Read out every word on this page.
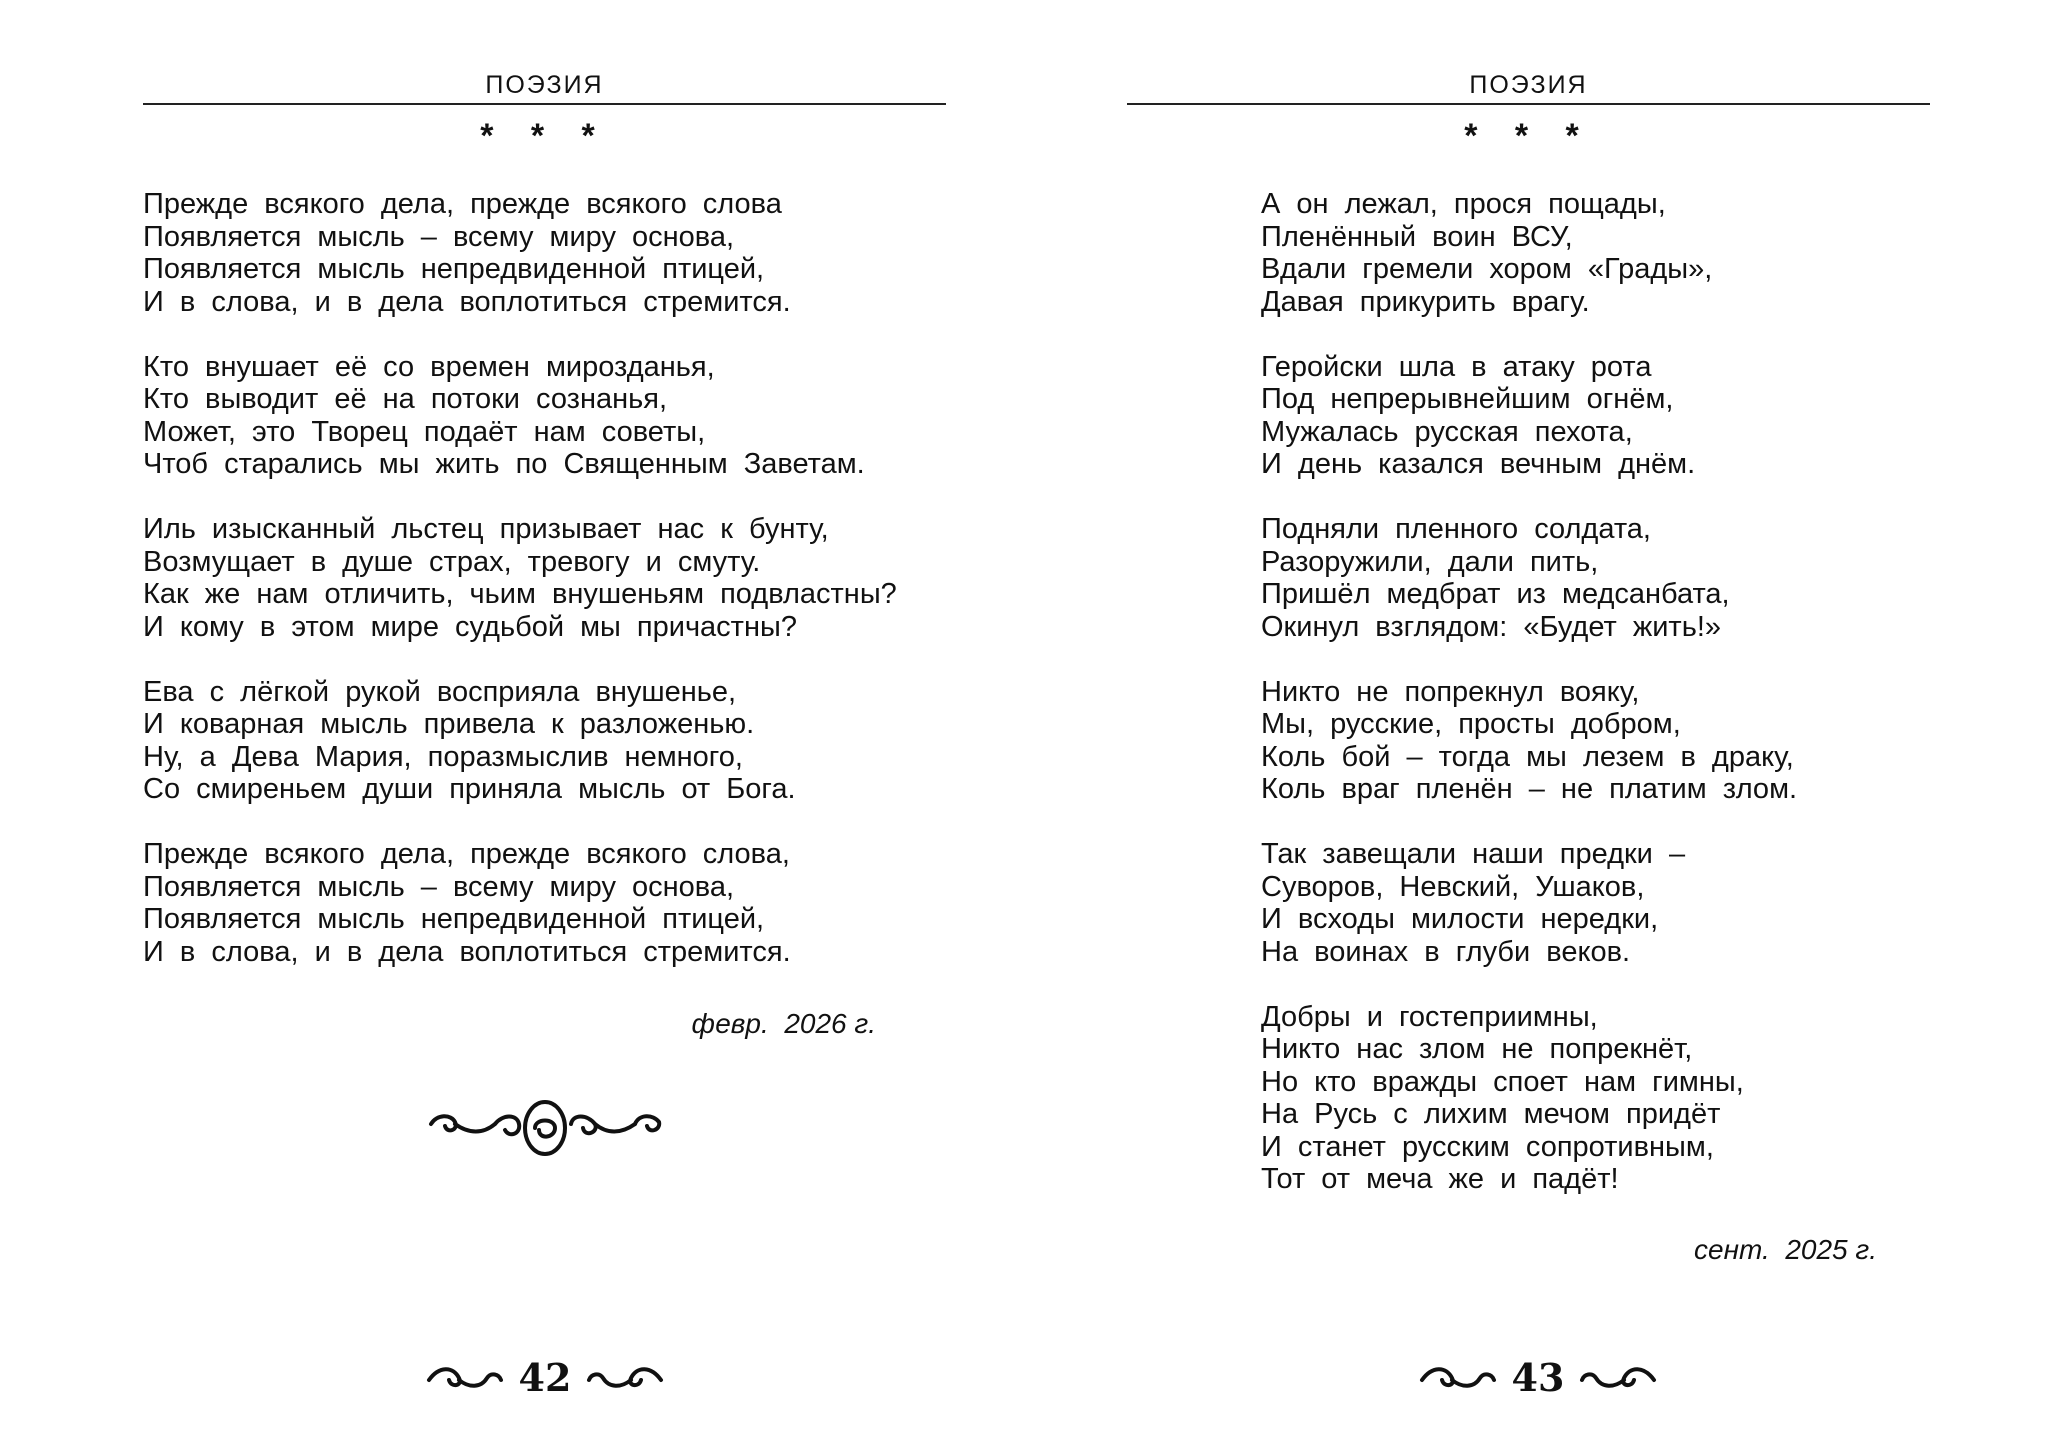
ПОЭЗИЯ
* * *
Прежде всякого дела, прежде всякого слова
Появляется мысль – всему миру основа,
Появляется мысль непредвиденной птицей,
И в слова, и в дела воплотиться стремится.
Кто внушает её со времен мирозданья,
Кто выводит её на потоки сознанья,
Может, это Творец подаёт нам советы,
Чтоб старались мы жить по Священным Заветам.
Иль изысканный льстец призывает нас к бунту,
Возмущает в душе страх, тревогу и смуту.
Как же нам отличить, чьим внушеньям подвластны?
И кому в этом мире судьбой мы причастны?
Ева с лёгкой рукой восприяла внушенье,
И коварная мысль привела к разложенью.
Ну, а Дева Мария, поразмыслив немного,
Со смиреньем души приняла мысль от Бога.
Прежде всякого дела, прежде всякого слова,
Появляется мысль – всему миру основа,
Появляется мысль непредвиденной птицей,
И в слова, и в дела воплотиться стремится.
февр.  2026 г.
42
ПОЭЗИЯ
* * *
А он лежал, прося пощады,
Пленённый воин ВСУ,
Вдали гремели хором «Грады»,
Давая прикурить врагу.
Геройски шла в атаку рота
Под непрерывнейшим огнём,
Мужалась русская пехота,
И день казался вечным днём.
Подняли пленного солдата,
Разоружили, дали пить,
Пришёл медбрат из медсанбата,
Окинул взглядом: «Будет жить!»
Никто не попрекнул вояку,
Мы, русские, просты добром,
Коль бой – тогда мы лезем в драку,
Коль враг пленён – не платим злом.
Так завещали наши предки –
Суворов, Невский, Ушаков,
И всходы милости нередки,
На воинах в глуби веков.
Добры и гостеприимны,
Никто нас злом не попрекнёт,
Но кто вражды споет нам гимны,
На Русь с лихим мечом придёт
И станет русским сопротивным,
Тот от меча же и падёт!
сент.  2025 г.
43
